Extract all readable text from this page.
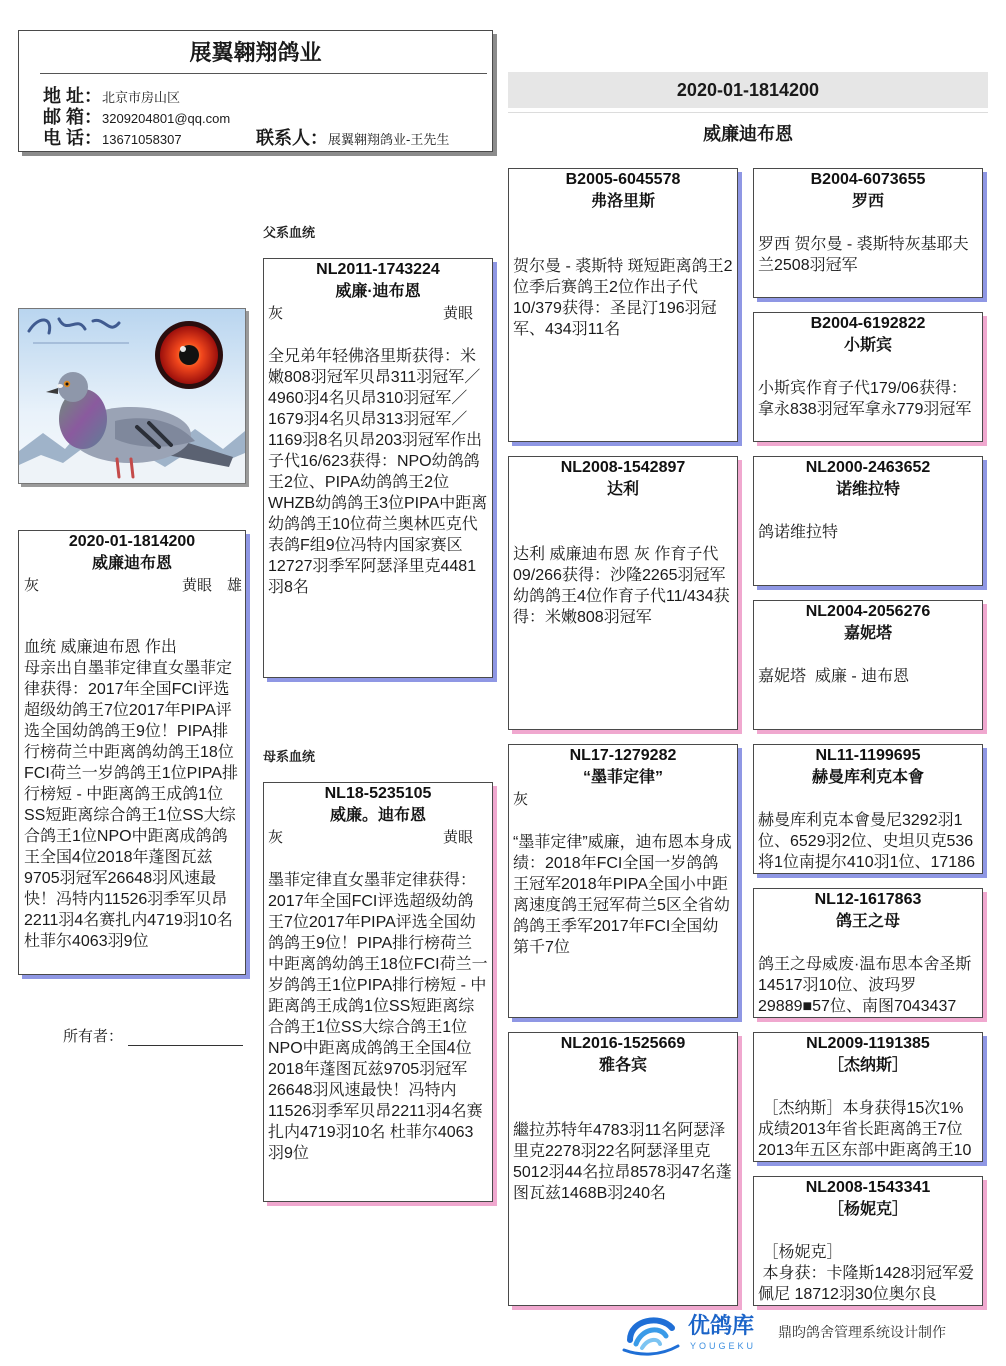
展翼翱翔鸽业
地 址：北京市房山区
邮 箱：3209204801@qq.com
电 话：13671058307	联系人：展翼翱翔鸽业-王先生
2020-01-1814200
威廉迪布恩
2020-01-1814200
威廉迪布恩
灰	黄眼 雄
血统 威廉迪布恩 作出
母亲出自墨菲定律直女墨菲定律获得：2017年全国FCI评选超级幼鸽王7位2017年PIPA评选全国幼鸽鸽王9位！PIPA排行榜荷兰中距离鸽幼鸽王18位FCI荷兰一岁鸽鸽王1位PIPA排行榜短 - 中距离鸽王成鸽1位SS短距离综合鸽王1位SS大综合鸽王1位NPO中距离成鸽鸽王全国4位2018年蓬图瓦兹9705羽冠军26648羽风速最快！冯特内11526羽季军贝昂2211羽4名赛扎内4719羽10名 杜菲尔4063羽9位
所有者：
父系血统
NL2011-1743224
威廉·迪布恩
灰	黄眼
全兄弟年轻佛洛里斯获得：米嫩808羽冠军贝昂311羽冠军／4960羽4名贝昂310羽冠军／1679羽4名贝昂313羽冠军／1169羽8名贝昂203羽冠军作出子代16/623获得：NPO幼鸽鸽王2位、PIPA幼鸽鸽王2位WHZB幼鸽鸽王3位PIPA中距离幼鸽鸽王10位荷兰奥林匹克代表鸽F组9位冯特内国家赛区12727羽季军阿瑟泽里克4481羽8名
母系血统
NL18-5235105
威廉。迪布恩
灰	黄眼
墨菲定律直女墨菲定律获得：2017年全国FCI评选超级幼鸽王7位2017年PIPA评选全国幼鸽鸽王9位！PIPA排行榜荷兰中距离鸽幼鸽王18位FCI荷兰一岁鸽鸽王1位PIPA排行榜短 - 中距离鸽王成鸽1位SS短距离综合鸽王1位SS大综合鸽王1位NPO中距离成鸽鸽王全国4位2018年蓬图瓦兹9705羽冠军26648羽风速最快！冯特内11526羽季军贝昂2211羽4名赛扎内4719羽10名 杜菲尔4063羽9位
B2005-6045578
弗洛里斯
贺尔曼 - 裘斯特 斑短距离鸽王2位季后赛鸽王2位作出子代10/379获得：圣昆汀196羽冠军、434羽11名
NL2008-1542897
达利
达利 威廉迪布恩 灰 作育子代09/266获得：沙隆2265羽冠军幼鸽鸽王4位作育子代11/434获得：米嫩808羽冠军
NL17-1279282
“墨菲定律”
灰
“墨菲定律”威廉，迪布恩本身成绩：2018年FCI全国一岁鸽鸽王冠军2018年PIPA全国小中距离速度鸽王冠军荷兰5区全省幼鸽鸽王季军2017年FCI全国幼第千7位
NL2016-1525669
雅各宾
繼拉苏特年4783羽11名阿瑟泽里克2278羽22名阿瑟泽里克5012羽44名拉昂8578羽47名蓬图瓦兹1468B羽240名
B2004-6073655
罗西
罗西 贺尔曼 - 裘斯特灰基耶夫兰2508羽冠军
B2004-6192822
小斯宾
小斯宾作育子代179/06获得：拿永838羽冠军拿永779羽冠军
NL2000-2463652
诺维拉特
鸽诺维拉特
NL2004-2056276
嘉妮塔
嘉妮塔  威廉 - 迪布恩
NL11-1199695
赫曼库利克本會
赫曼库利克本會曼尼3292羽1位、6529羽2位、史坦贝克536将1位南提尔410羽1位、17186
NL12-1617863
鸽王之母
鸽王之母威废·温布思本舍圣斯14517羽10位、波玛罗29889■57位、南图7043437
NL2009-1191385
［杰纳斯］
［杰纳斯］本身获得15次1%成绩2013年省长距离鸽王7位2013年五区东部中距离鸽王10
NL2008-1543341
［杨妮克］
［杨妮克］
本身获：卡隆斯1428羽冠军爱佩尼 18712羽30位奥尔良
优鸽库
YOUGEKU
鼎昀鸽舍管理系统设计制作
